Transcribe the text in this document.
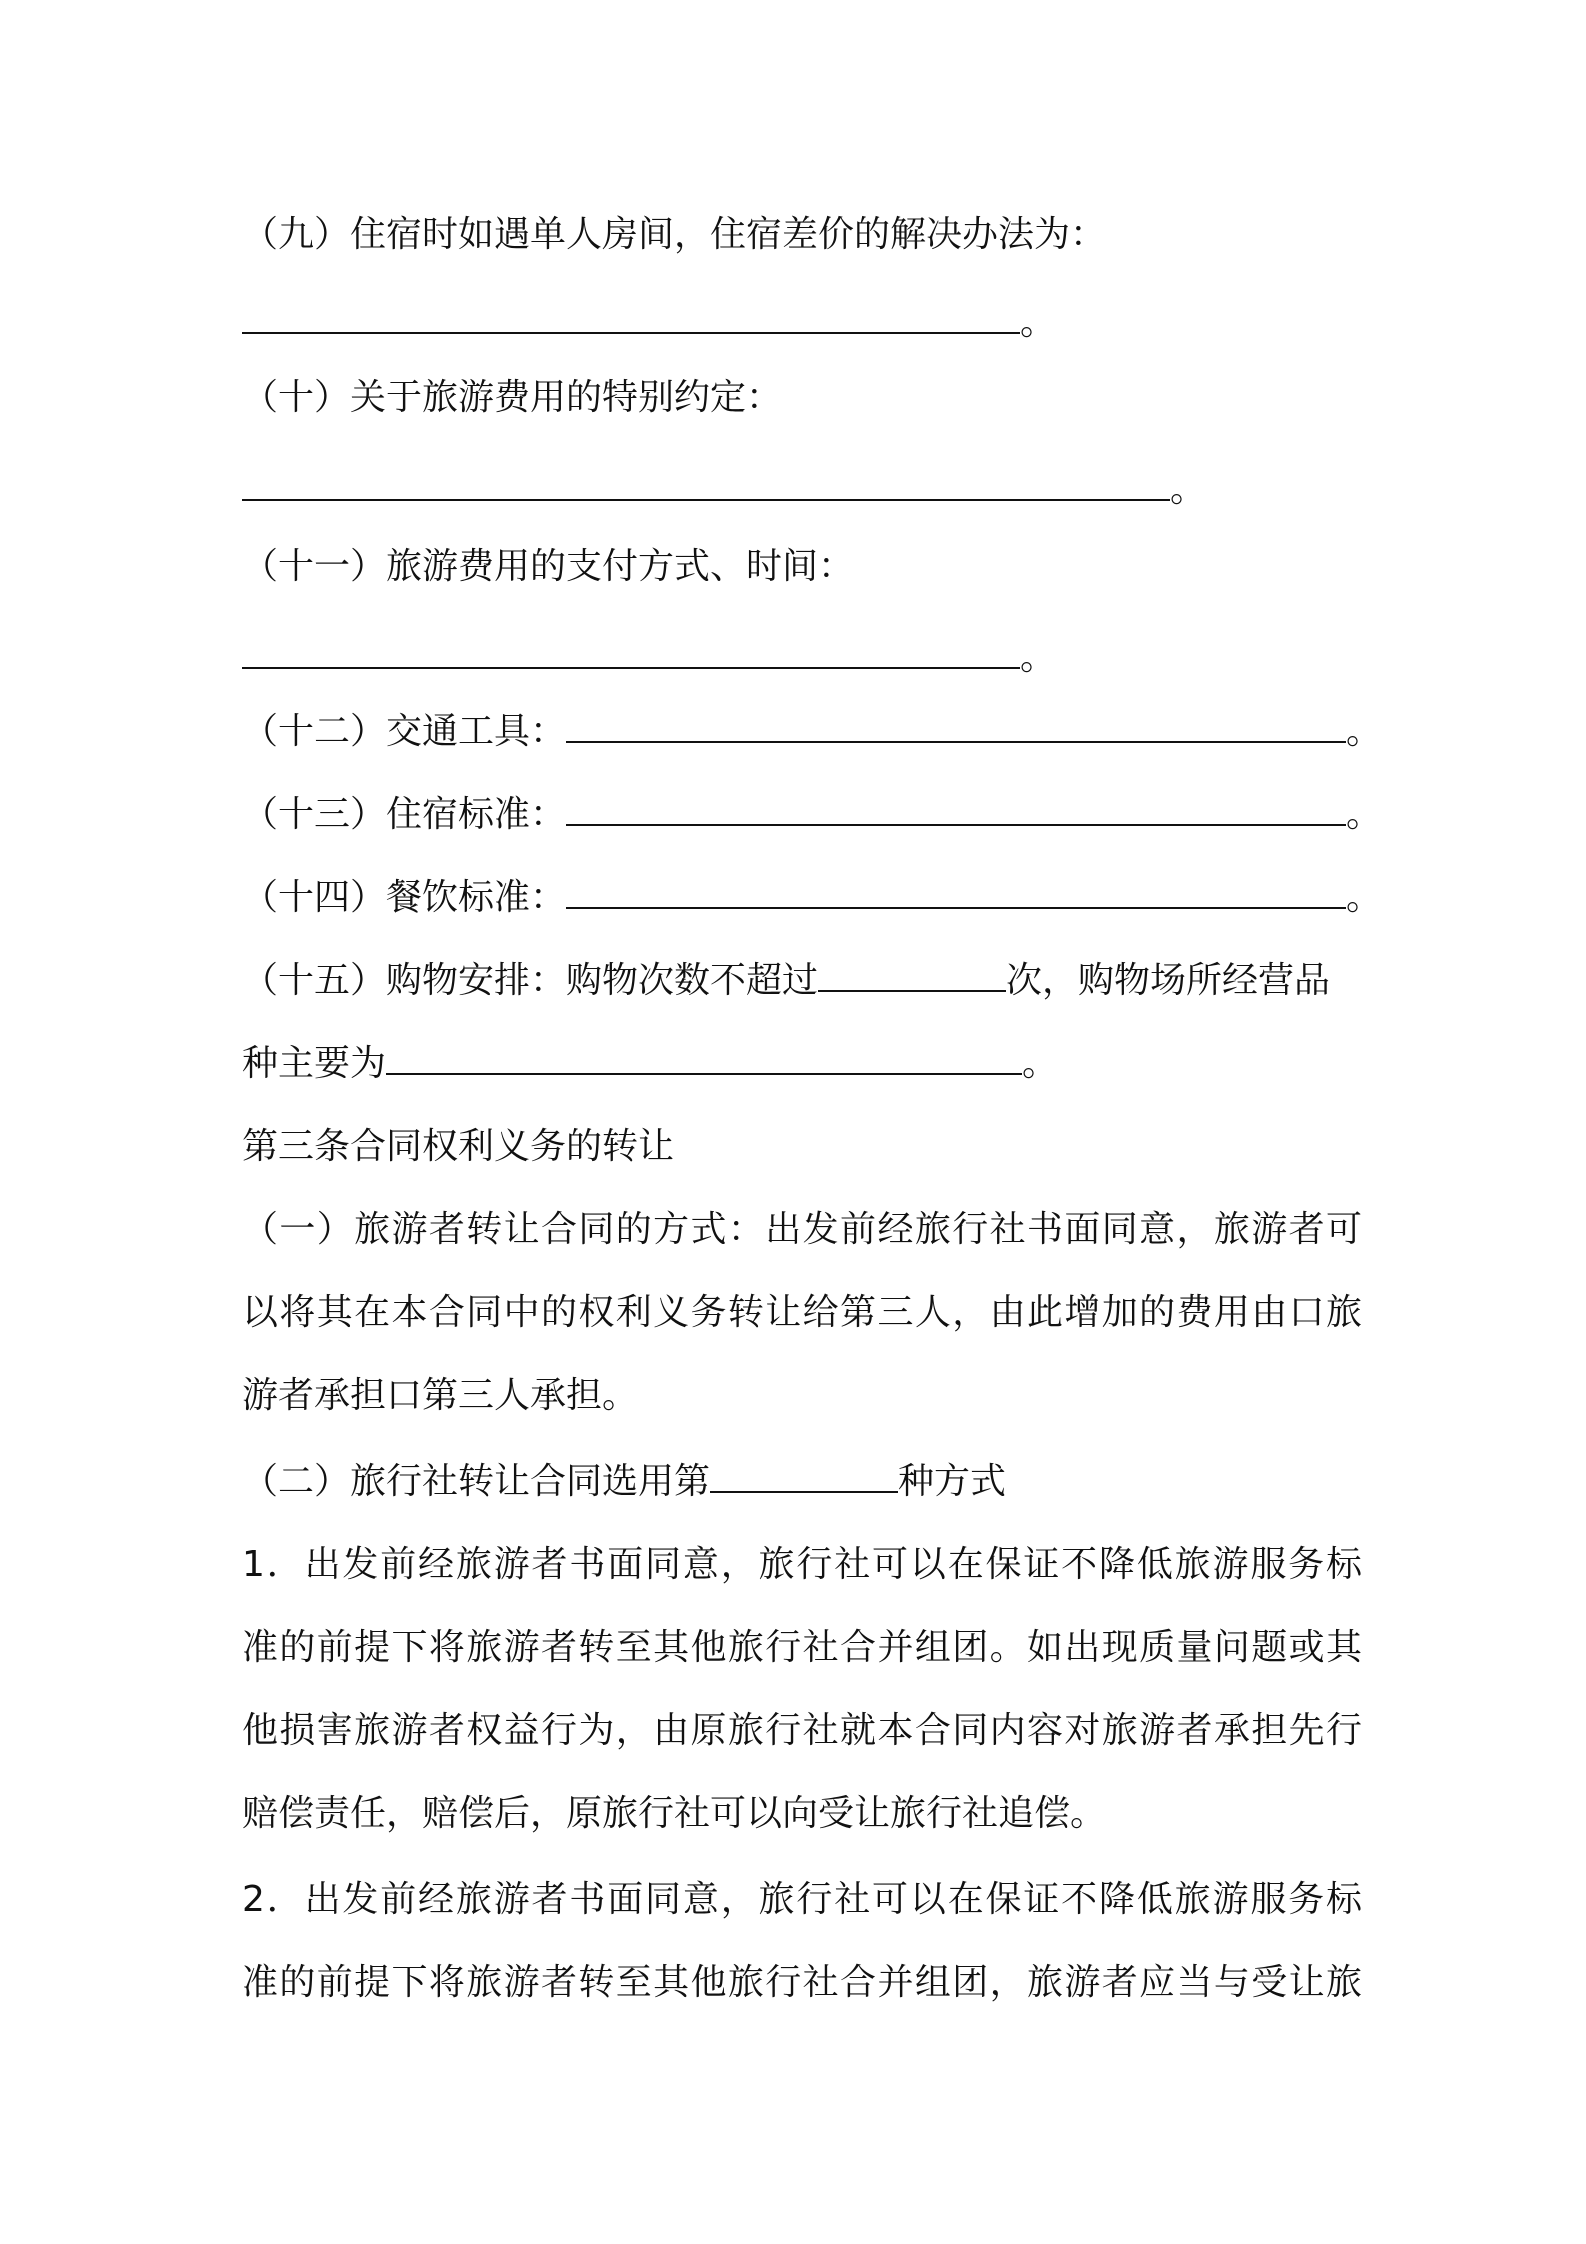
（九）住宿时如遇单人房间，住宿差价的解决办法为：
。
（十）关于旅游费用的特别约定：
。
（十一）旅游费用的支付方式、时间：
。
（十二）交通工具：	。
（十三）住宿标准：	。
（十四）餐饮标准：	。
（十五）购物安排：购物次数不超过	次，购物场所经营品
种主要为	。
第三条合同权利义务的转让
（一）旅游者转让合同的方式：出发前经旅行社书面同意，旅游者可
以将其在本合同中的权利义务转让给第三人，由此增加的费用由口旅
游者承担口第三人承担。
（二）旅行社转让合同选用第	种方式
1．出发前经旅游者书面同意，旅行社可以在保证不降低旅游服务标
准的前提下将旅游者转至其他旅行社合并组团。如出现质量问题或其
他损害旅游者权益行为，由原旅行社就本合同内容对旅游者承担先行
赔偿责任，赔偿后，原旅行社可以向受让旅行社追偿。
2．出发前经旅游者书面同意，旅行社可以在保证不降低旅游服务标
准的前提下将旅游者转至其他旅行社合并组团，旅游者应当与受让旅
